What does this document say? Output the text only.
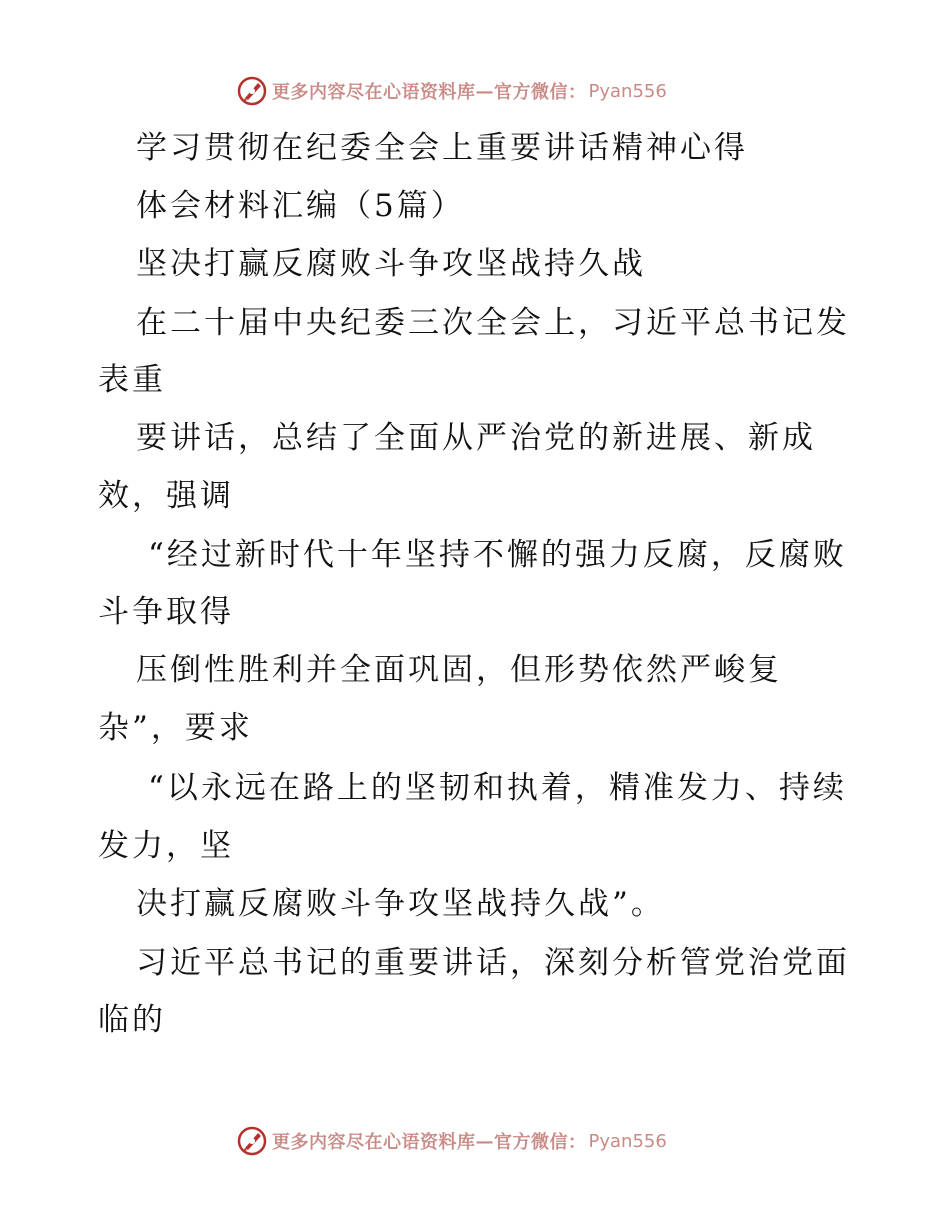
更多内容尽在心语资料库 — 官方微信： Pyan556
学习贯彻在纪委全会上重要讲话精神心得
体会材料汇编（5篇）
坚决打赢反腐败斗争攻坚战持久战
在二十届中央纪委三次全会上，习近平总书记发
表重
要讲话，总结了全面从严治党的新进展、新成
效，强调
“经过新时代十年坚持不懈的强力反腐，反腐败
斗争取得
压倒性胜利并全面巩固，但形势依然严峻复
杂”，要求
“以永远在路上的坚韧和执着，精准发力、持续
发力，坚
决打赢反腐败斗争攻坚战持久战”。
习近平总书记的重要讲话，深刻分析管党治党面
临的
更多内容尽在心语资料库 — 官方微信： Pyan556
